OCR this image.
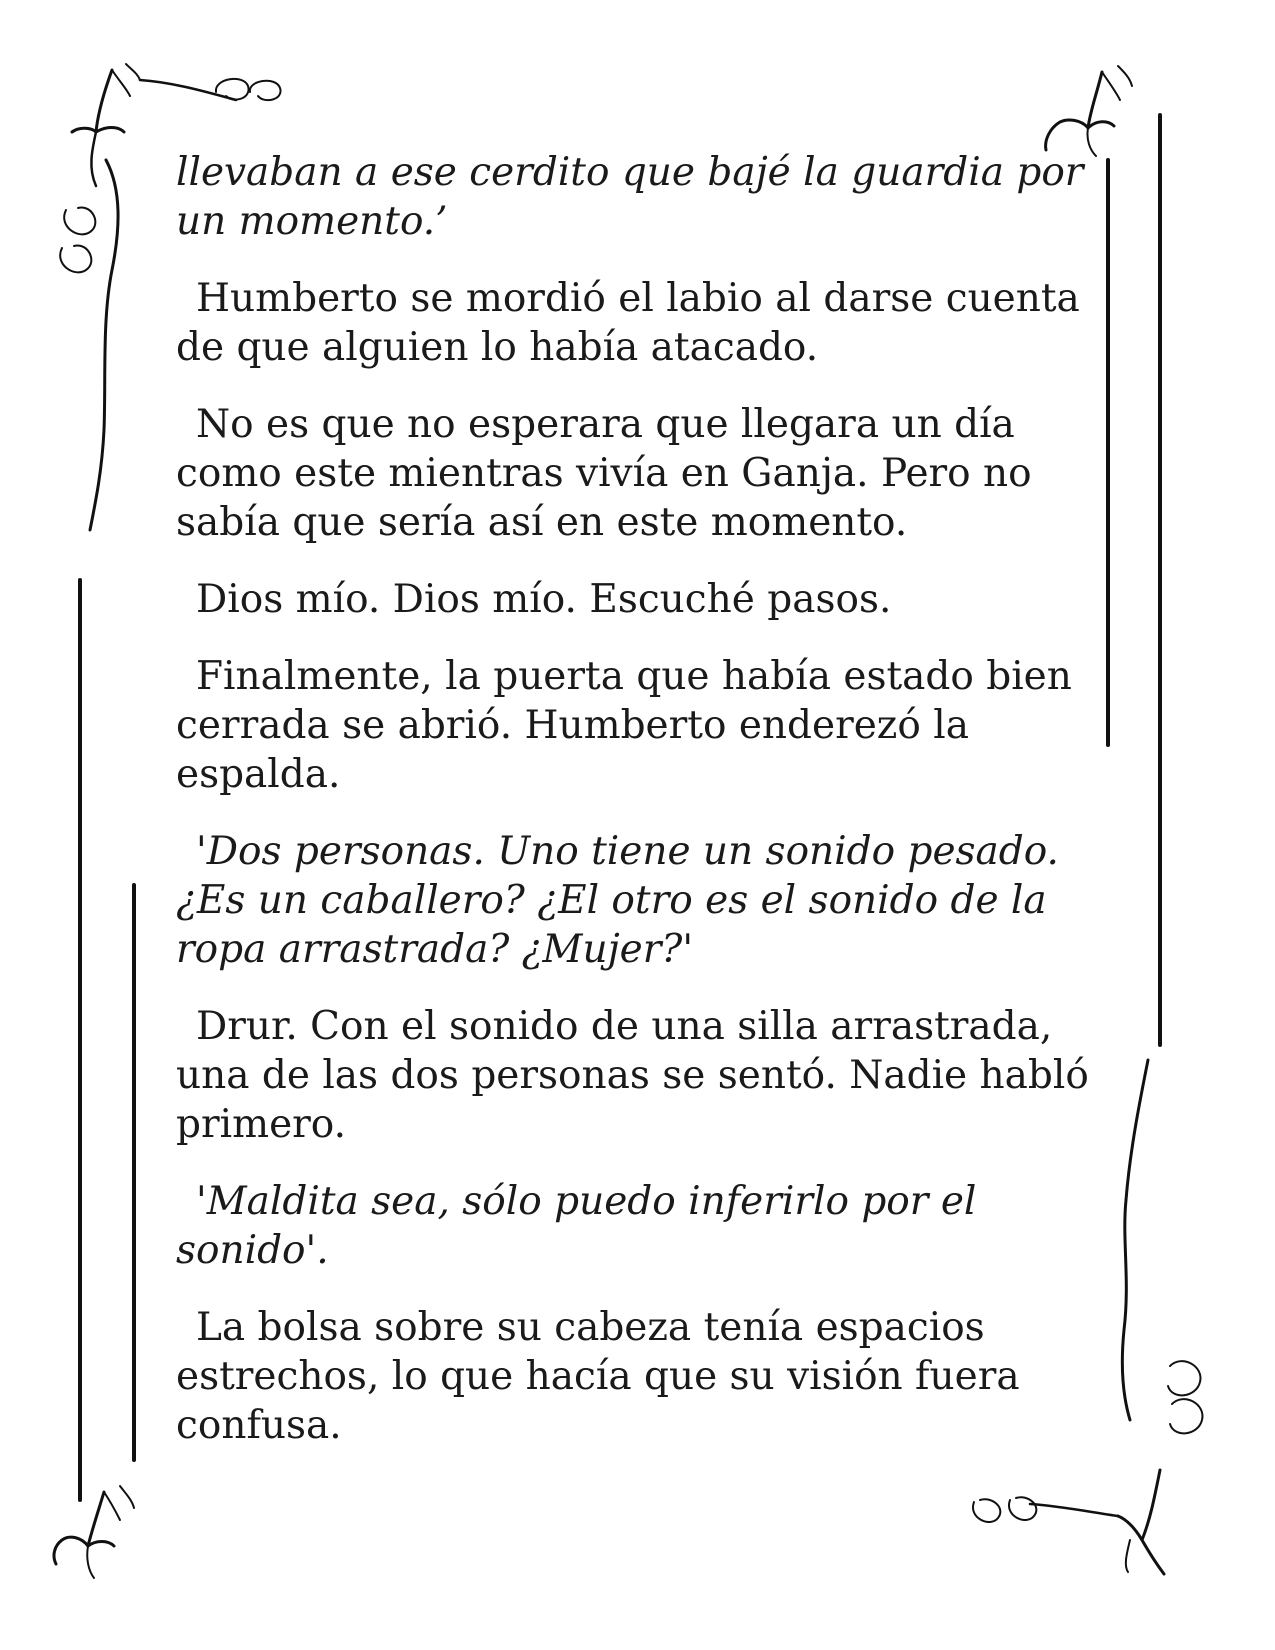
llevaban a ese cerdito que bajé la guardia por un momento.’

Humberto se mordió el labio al darse cuenta de que alguien lo había atacado.

No es que no esperara que llegara un día como este mientras vivía en Ganja. Pero no sabía que sería así en este momento.

Dios mío. Dios mío. Escuché pasos.

Finalmente, la puerta que había estado bien cerrada se abrió. Humberto enderezó la espalda.

'Dos personas. Uno tiene un sonido pesado. ¿Es un caballero? ¿El otro es el sonido de la ropa arrastrada? ¿Mujer?'

Drur. Con el sonido de una silla arrastrada, una de las dos personas se sentó. Nadie habló primero.

'Maldita sea, sólo puedo inferirlo por el sonido'.

La bolsa sobre su cabeza tenía espacios estrechos, lo que hacía que su visión fuera confusa.
